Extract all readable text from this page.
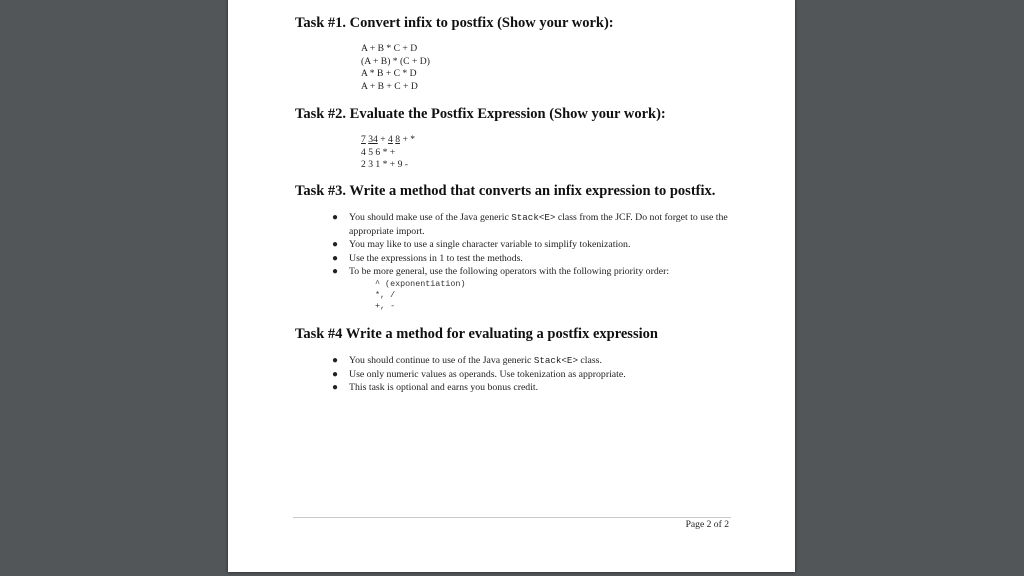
Task #1. Convert infix to postfix (Show your work):
A + B * C + D
(A + B) * (C + D)
A * B + C * D
A + B + C + D
Task #2. Evaluate the Postfix Expression (Show your work):
7 34 + 4 8 + *
4 5 6 * +
2 3 1 * + 9 -
Task #3. Write a method that converts an infix expression to postfix.
● You should make use of the Java generic Stack<E> class from the JCF. Do not forget to use the appropriate import.
● You may like to use a single character variable to simplify tokenization.
● Use the expressions in 1 to test the methods.
● To be more general, use the following operators with the following priority order:
^ (exponentiation)
*, /
+, -
Task #4 Write a method for evaluating a postfix expression
● You should continue to use of the Java generic Stack<E> class.
● Use only numeric values as operands. Use tokenization as appropriate.
● This task is optional and earns you bonus credit.
Page 2 of 2
